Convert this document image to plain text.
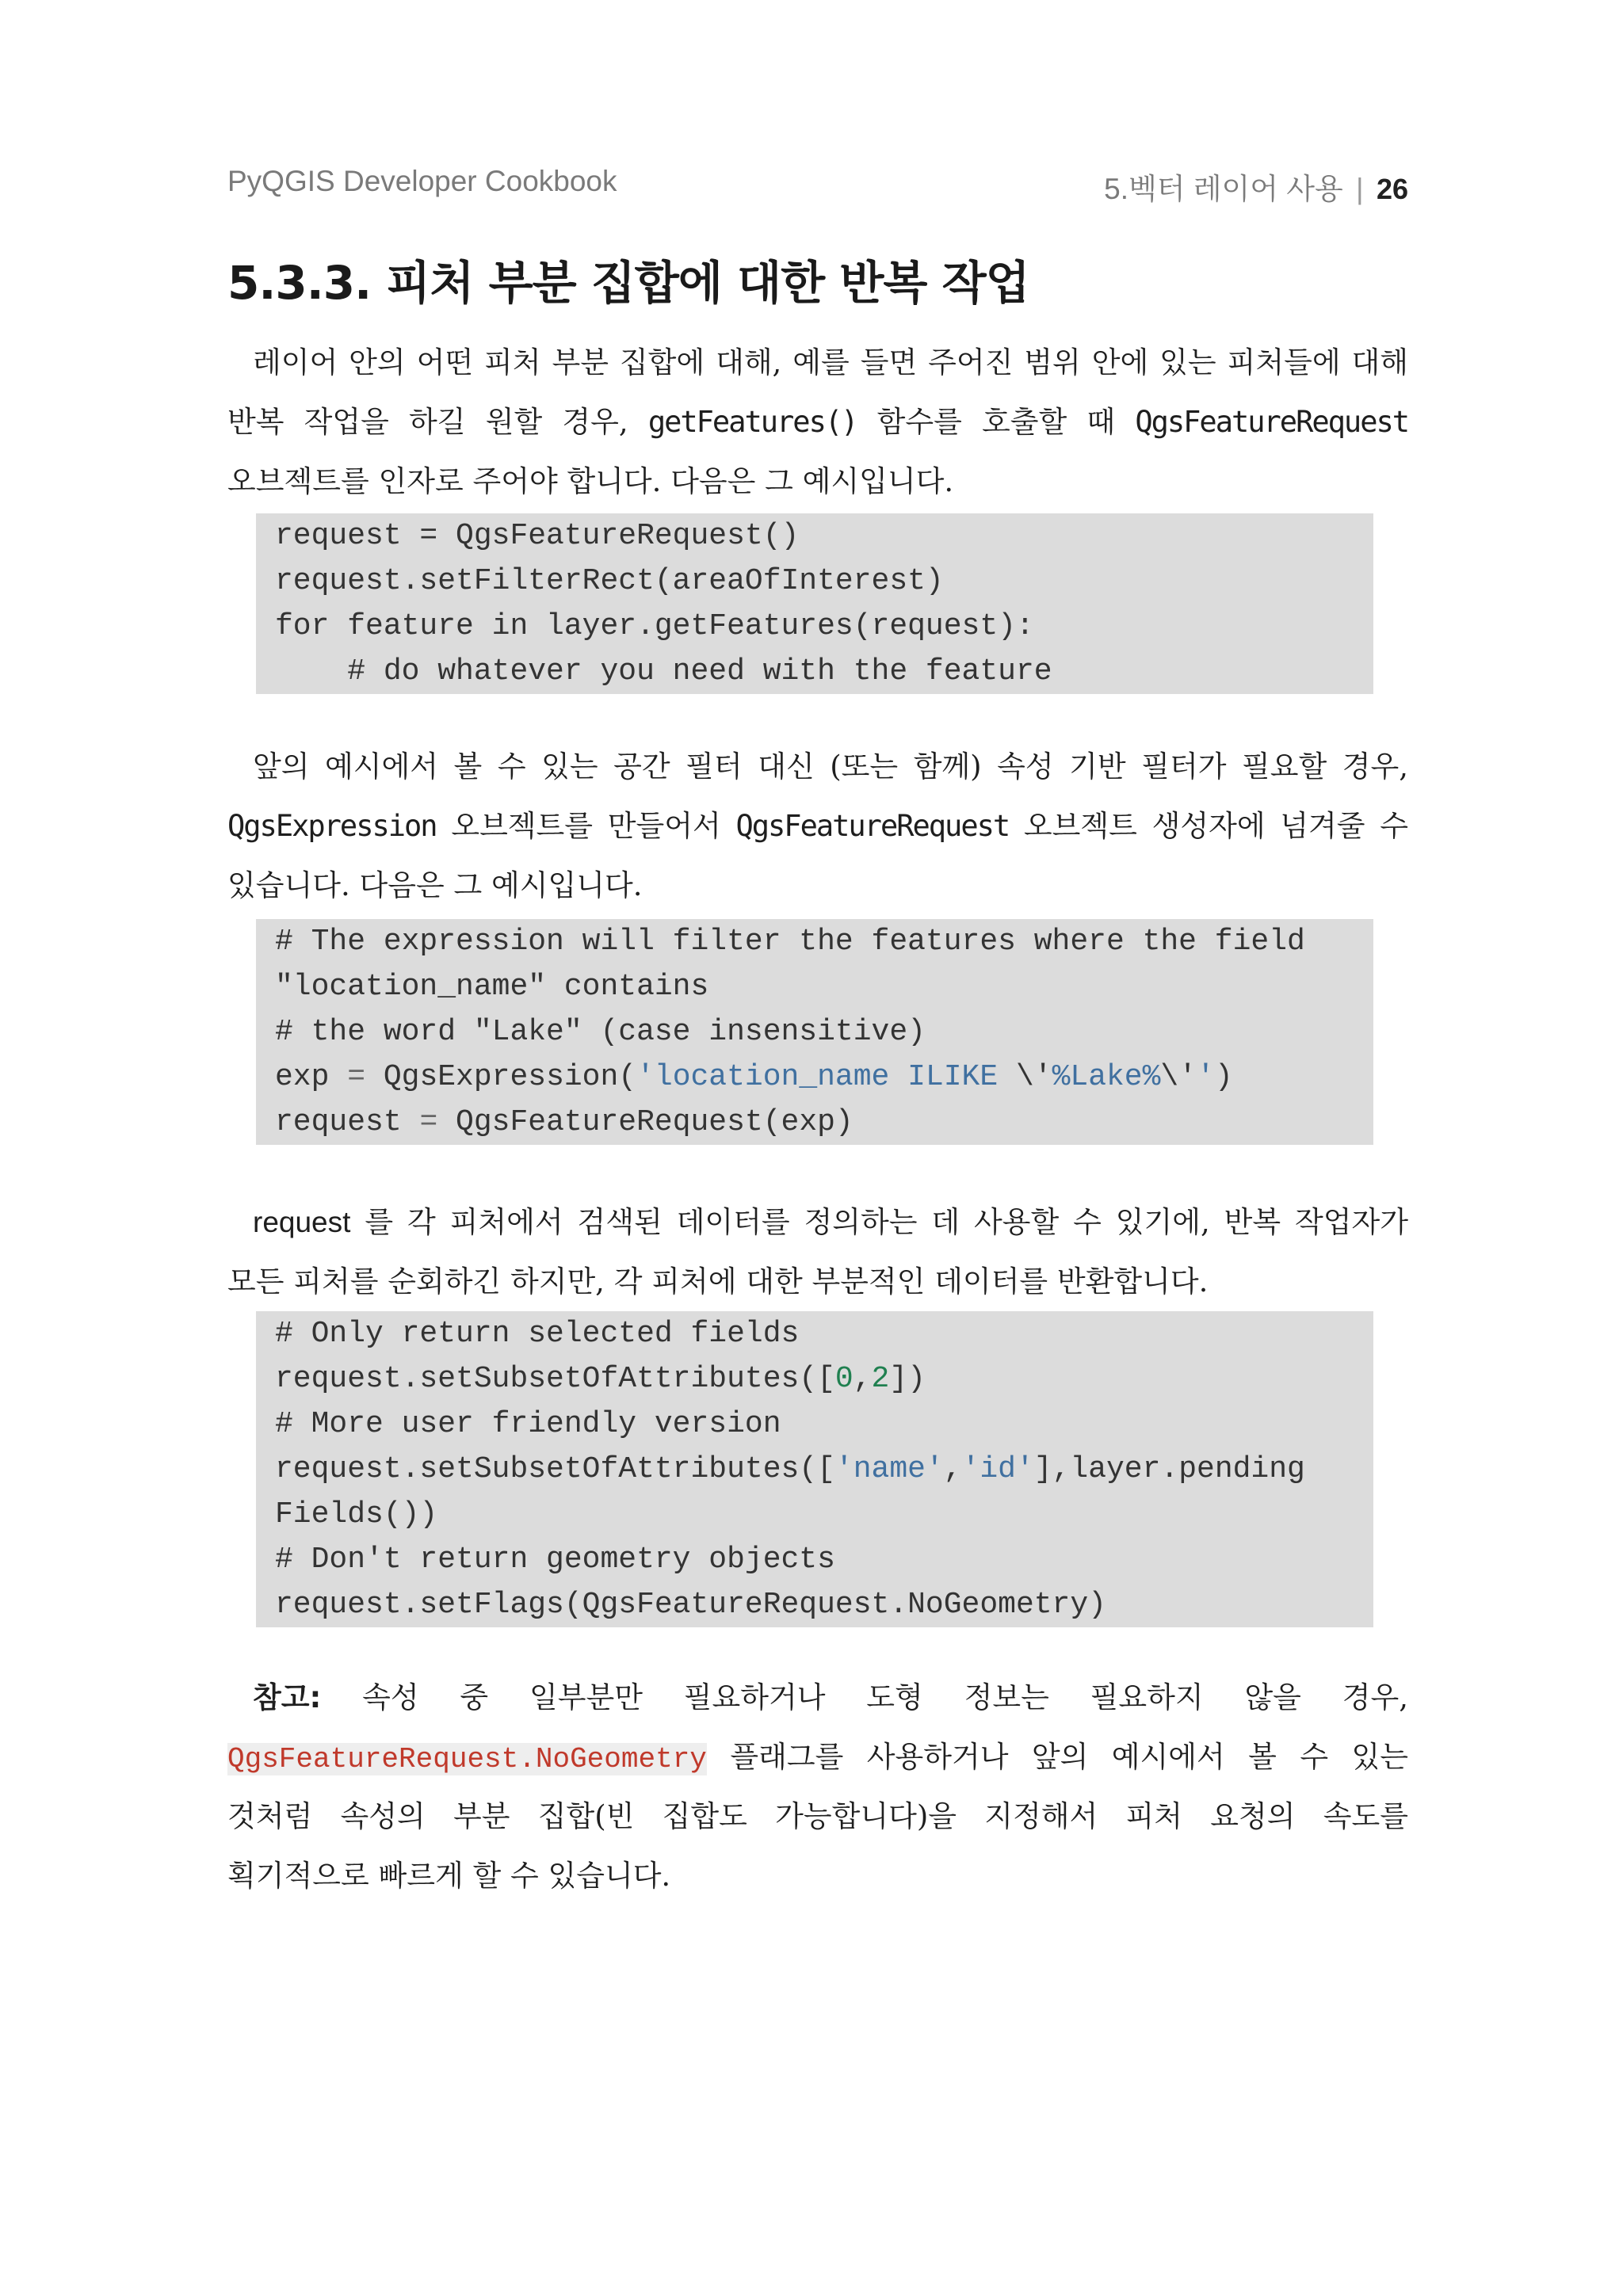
PyQGIS Developer Cookbook	5.벡터 레이어 사용 | 26
5.3.3. 피처 부분 집합에 대한 반복 작업
레이어 안의 어떤 피처 부분 집합에 대해, 예를 들면 주어진 범위 안에 있는 피처들에 대해
반복 작업을 하길 원할 경우, getFeatures() 함수를 호출할 때 QgsFeatureRequest
오브젝트를 인자로 주어야 합니다. 다음은 그 예시입니다.
request = QgsFeatureRequest()
request.setFilterRect(areaOfInterest)
for feature in layer.getFeatures(request):
# do whatever you need with the feature
앞의 예시에서 볼 수 있는 공간 필터 대신 (또는 함께) 속성 기반 필터가 필요할 경우,
QgsExpression 오브젝트를 만들어서 QgsFeatureRequest 오브젝트 생성자에 넘겨줄 수
있습니다. 다음은 그 예시입니다.
# The expression will filter the features where the field
"location_name" contains
# the word "Lake" (case insensitive)
exp = QgsExpression('location_name ILIKE \'%Lake%\'')
request = QgsFeatureRequest(exp)
request 를 각 피처에서 검색된 데이터를 정의하는 데 사용할 수 있기에, 반복 작업자가
모든 피처를 순회하긴 하지만, 각 피처에 대한 부분적인 데이터를 반환합니다.
# Only return selected fields
request.setSubsetOfAttributes([0,2])
# More user friendly version
request.setSubsetOfAttributes(['name','id'],layer.pending
Fields())
# Don't return geometry objects
request.setFlags(QgsFeatureRequest.NoGeometry)
참고: 속성 중 일부분만 필요하거나 도형 정보는 필요하지 않을 경우,
QgsFeatureRequest.NoGeometry 플래그를 사용하거나 앞의 예시에서 볼 수 있는
것처럼 속성의 부분 집합(빈 집합도 가능합니다)을 지정해서 피처 요청의 속도를
획기적으로 빠르게 할 수 있습니다.
